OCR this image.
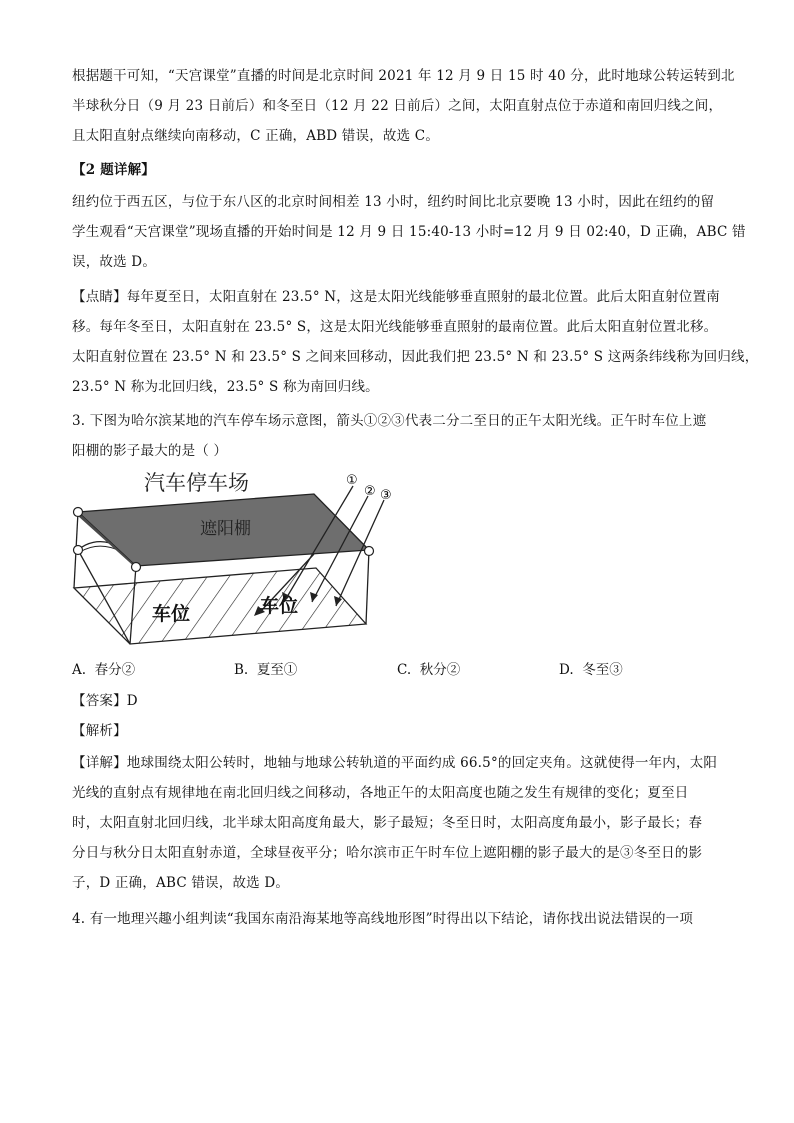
根据题干可知，“天宫课堂”直播的时间是北京时间 2021 年 12 月 9 日 15 时 40 分，此时地球公转运转到北
半球秋分日（9 月 23 日前后）和冬至日（12 月 22 日前后）之间，太阳直射点位于赤道和南回归线之间，
且太阳直射点继续向南移动，C 正确，ABD 错误，故选 C。

【2 题详解】

纽约位于西五区，与位于东八区的北京时间相差 13 小时，纽约时间比北京要晚 13 小时，因此在纽约的留
学生观看“天宫课堂”现场直播的开始时间是 12 月 9 日 15:40-13 小时=12 月 9 日 02:40，D 正确，ABC 错
误，故选 D。

【点睛】每年夏至日，太阳直射在 23.5° N，这是太阳光线能够垂直照射的最北位置。此后太阳直射位置南
移。每年冬至日，太阳直射在 23.5° S，这是太阳光线能够垂直照射的最南位置。此后太阳直射位置北移。
太阳直射位置在 23.5° N 和 23.5° S 之间来回移动，因此我们把 23.5° N 和 23.5° S 这两条纬线称为回归线，
23.5° N 称为北回归线，23.5° S 称为南回归线。

3. 下图为哈尔滨某地的汽车停车场示意图，箭头①②③代表二分二至日的正午太阳光线。正午时车位上遮
阳棚的影子最大的是（ ）

①
② ③
汽车停车场
遮阳棚
车位	车位
A. 春分②	B. 夏至①	C. 秋分②	D. 冬至③

【答案】D

【解析】

【详解】地球围绕太阳公转时，地轴与地球公转轨道的平面约成 66.5°的回定夹角。这就使得一年内，太阳
光线的直射点有规律地在南北回归线之间移动，各地正午的太阳高度也随之发生有规律的变化；夏至日
时，太阳直射北回归线，北半球太阳高度角最大，影子最短；冬至日时，太阳高度角最小，影子最长；春
分日与秋分日太阳直射赤道，全球昼夜平分；哈尔滨市正午时车位上遮阳棚的影子最大的是③冬至日的影
子，D 正确，ABC 错误，故选 D。

4. 有一地理兴趣小组判读“我国东南沿海某地等高线地形图”时得出以下结论，请你找出说法错误的一项
